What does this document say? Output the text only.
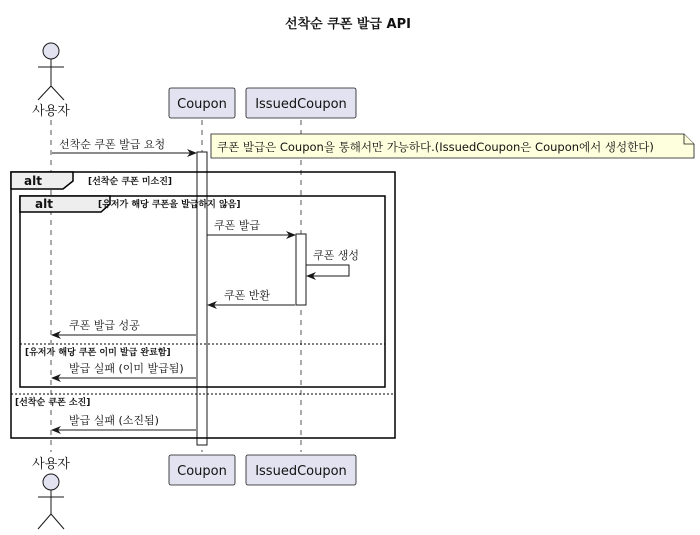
선착순 쿠폰 발급 API
사용자	Coupon IssuedCoupon
쿠폰 발급은 Coupon을 통해서만 가능하다.(IssuedCoupon은 Coupon에서 생성한다)
선착순 쿠폰 발급 요청
alt	[선착순 쿠폰 미소진]
[선착순 쿠폰 소진]
alt	[유저가 해당 쿠폰을 발급하지 않음]
[유저가 해당 쿠폰 이미 발급 완료함]
쿠폰 발급
쿠폰 생성
쿠폰 반환
쿠폰 발급 성공
발급 실패 (이미 발급됨)
발급 실패 (소진됨)
사용자	Coupon IssuedCoupon
